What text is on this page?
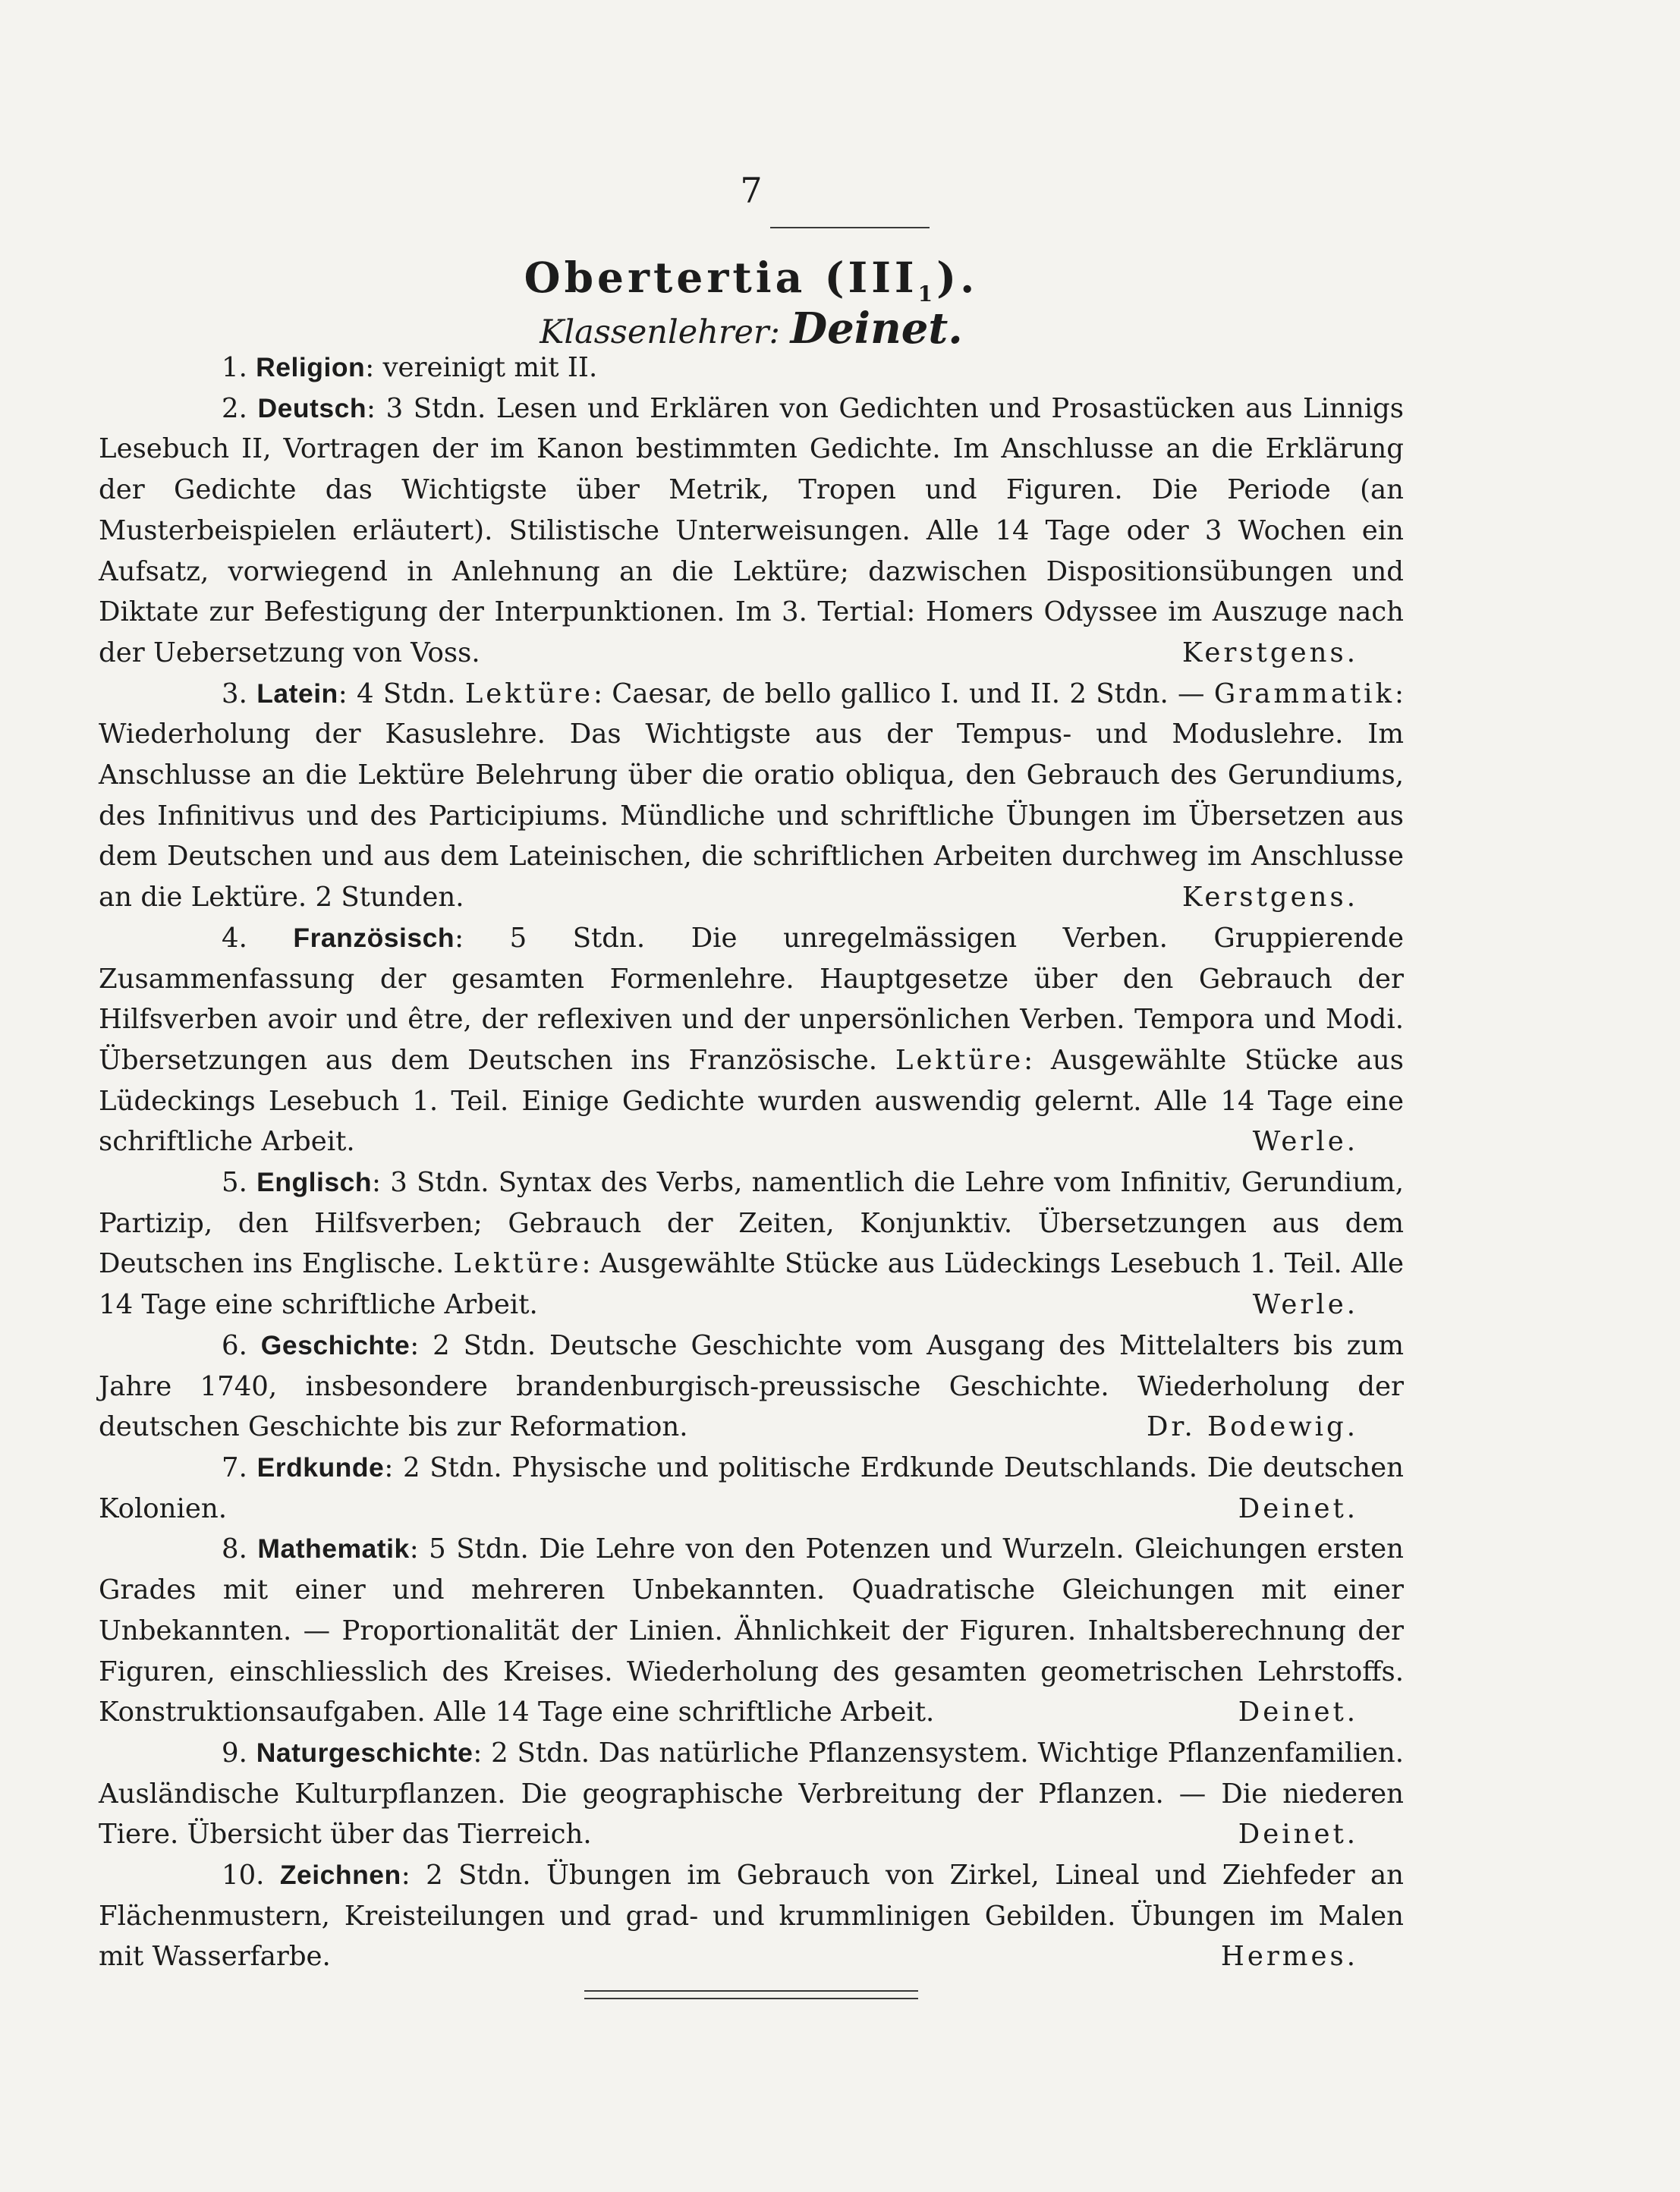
7
Obertertia $(III_1)$.
Klassenlehrer: Deinet.

1. Religion: vereinigt mit II.

2. Deutsch: 3 Stdn. Lesen und Erklären von Gedichten und Prosastücken aus Linnigs Lesebuch II, Vortragen der im Kanon bestimmten Gedichte. Im Anschlusse an die Erklärung der Gedichte das Wichtigste über Metrik, Tropen und Figuren. Die Periode (an Musterbeispielen erläutert). Stilistische Unterweisungen. Alle 14 Tage oder 3 Wochen ein Aufsatz, vorwiegend in Anlehnung an die Lektüre; dazwischen Dispositionsübungen und Diktate zur Befestigung der Interpunktionen. Im 3. Tertial: Homers Odyssee im Auszuge nach der Uebersetzung von Voss.	Kerstgens.

3. Latein: 4 Stdn. Lektüre: Caesar, de bello gallico I. und II. 2 Stdn. — Grammatik: Wiederholung der Kasuslehre. Das Wichtigste aus der Tempus- und Moduslehre. Im Anschlusse an die Lektüre Belehrung über die oratio obliqua, den Gebrauch des Gerundiums, des Infinitivus und des Participiums. Mündliche und schriftliche Übungen im Übersetzen aus dem Deutschen und aus dem Lateinischen, die schriftlichen Arbeiten durchweg im Anschlusse an die Lektüre. 2 Stunden.	Kerstgens.

4. Französisch: 5 Stdn. Die unregelmässigen Verben. Gruppierende Zusammenfassung der gesamten Formenlehre. Hauptgesetze über den Gebrauch der Hilfsverben avoir und être, der reflexiven und der unpersönlichen Verben. Tempora und Modi. Übersetzungen aus dem Deutschen ins Französische. Lektüre: Ausgewählte Stücke aus Lüdeckings Lesebuch 1. Teil. Einige Gedichte wurden auswendig gelernt. Alle 14 Tage eine schriftliche Arbeit.	Werle.

5. Englisch: 3 Stdn. Syntax des Verbs, namentlich die Lehre vom Infinitiv, Gerundium, Partizip, den Hilfsverben; Gebrauch der Zeiten, Konjunktiv. Übersetzungen aus dem Deutschen ins Englische. Lektüre: Ausgewählte Stücke aus Lüdeckings Lesebuch 1. Teil. Alle 14 Tage eine schriftliche Arbeit.	Werle.

6. Geschichte: 2 Stdn. Deutsche Geschichte vom Ausgang des Mittelalters bis zum Jahre 1740, insbesondere brandenburgisch-preussische Geschichte. Wiederholung der deutschen Geschichte bis zur Reformation.	Dr. Bodewig.

7. Erdkunde: 2 Stdn. Physische und politische Erdkunde Deutschlands. Die deutschen Kolonien.	Deinet.

8. Mathematik: 5 Stdn. Die Lehre von den Potenzen und Wurzeln. Gleichungen ersten Grades mit einer und mehreren Unbekannten. Quadratische Gleichungen mit einer Unbekannten. — Proportionalität der Linien. Ähnlichkeit der Figuren. Inhaltsberechnung der Figuren, einschliesslich des Kreises. Wiederholung des gesamten geometrischen Lehrstoffs. Konstruktionsaufgaben. Alle 14 Tage eine schriftliche Arbeit.	Deinet.

9. Naturgeschichte: 2 Stdn. Das natürliche Pflanzensystem. Wichtige Pflanzenfamilien. Ausländische Kulturpflanzen. Die geographische Verbreitung der Pflanzen. — Die niederen Tiere. Übersicht über das Tierreich.	Deinet.

10. Zeichnen: 2 Stdn. Übungen im Gebrauch von Zirkel, Lineal und Ziehfeder an Flächenmustern, Kreisteilungen und grad- und krummlinigen Gebilden. Übungen im Malen mit Wasserfarbe.	Hermes.
